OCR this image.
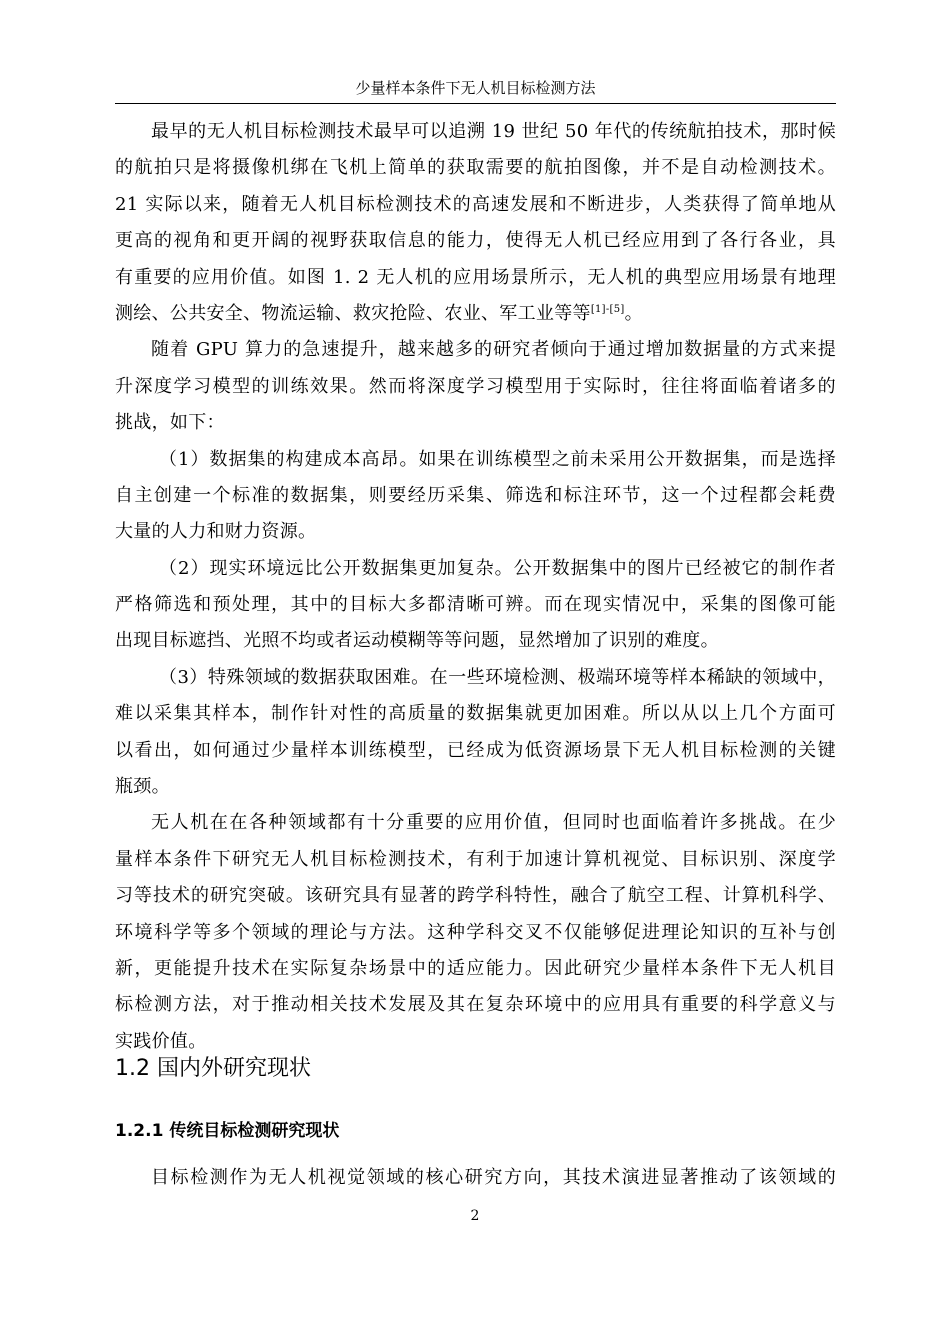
少量样本条件下无人机目标检测方法
最早的无人机目标检测技术最早可以追溯 19 世纪 50 年代的传统航拍技术，那时候
的航拍只是将摄像机绑在飞机上简单的获取需要的航拍图像，并不是自动检测技术。
21 实际以来，随着无人机目标检测技术的高速发展和不断进步，人类获得了简单地从
更高的视角和更开阔的视野获取信息的能力，使得无人机已经应用到了各行各业，具
有重要的应用价值。如图 1. 2 无人机的应用场景所示，无人机的典型应用场景有地理
测绘、公共安全、物流运输、救灾抢险、农业、军工业等等[1]-[5]。
随着 GPU 算力的急速提升，越来越多的研究者倾向于通过增加数据量的方式来提
升深度学习模型的训练效果。然而将深度学习模型用于实际时，往往将面临着诸多的
挑战，如下：
（1）数据集的构建成本高昂。如果在训练模型之前未采用公开数据集，而是选择
自主创建一个标准的数据集，则要经历采集、筛选和标注环节，这一个过程都会耗费
大量的人力和财力资源。
（2）现实环境远比公开数据集更加复杂。公开数据集中的图片已经被它的制作者
严格筛选和预处理，其中的目标大多都清晰可辨。而在现实情况中，采集的图像可能
出现目标遮挡、光照不均或者运动模糊等等问题，显然增加了识别的难度。
（3）特殊领域的数据获取困难。在一些环境检测、极端环境等样本稀缺的领域中，
难以采集其样本，制作针对性的高质量的数据集就更加困难。所以从以上几个方面可
以看出，如何通过少量样本训练模型，已经成为低资源场景下无人机目标检测的关键
瓶颈。
无人机在在各种领域都有十分重要的应用价值，但同时也面临着许多挑战。在少
量样本条件下研究无人机目标检测技术，有利于加速计算机视觉、目标识别、深度学
习等技术的研究突破。该研究具有显著的跨学科特性，融合了航空工程、计算机科学、
环境科学等多个领域的理论与方法。这种学科交叉不仅能够促进理论知识的互补与创
新，更能提升技术在实际复杂场景中的适应能力。因此研究少量样本条件下无人机目
标检测方法，对于推动相关技术发展及其在复杂环境中的应用具有重要的科学意义与
实践价值。
1.2 国内外研究现状
1.2.1 传统目标检测研究现状
目标检测作为无人机视觉领域的核心研究方向，其技术演进显著推动了该领域的
2
